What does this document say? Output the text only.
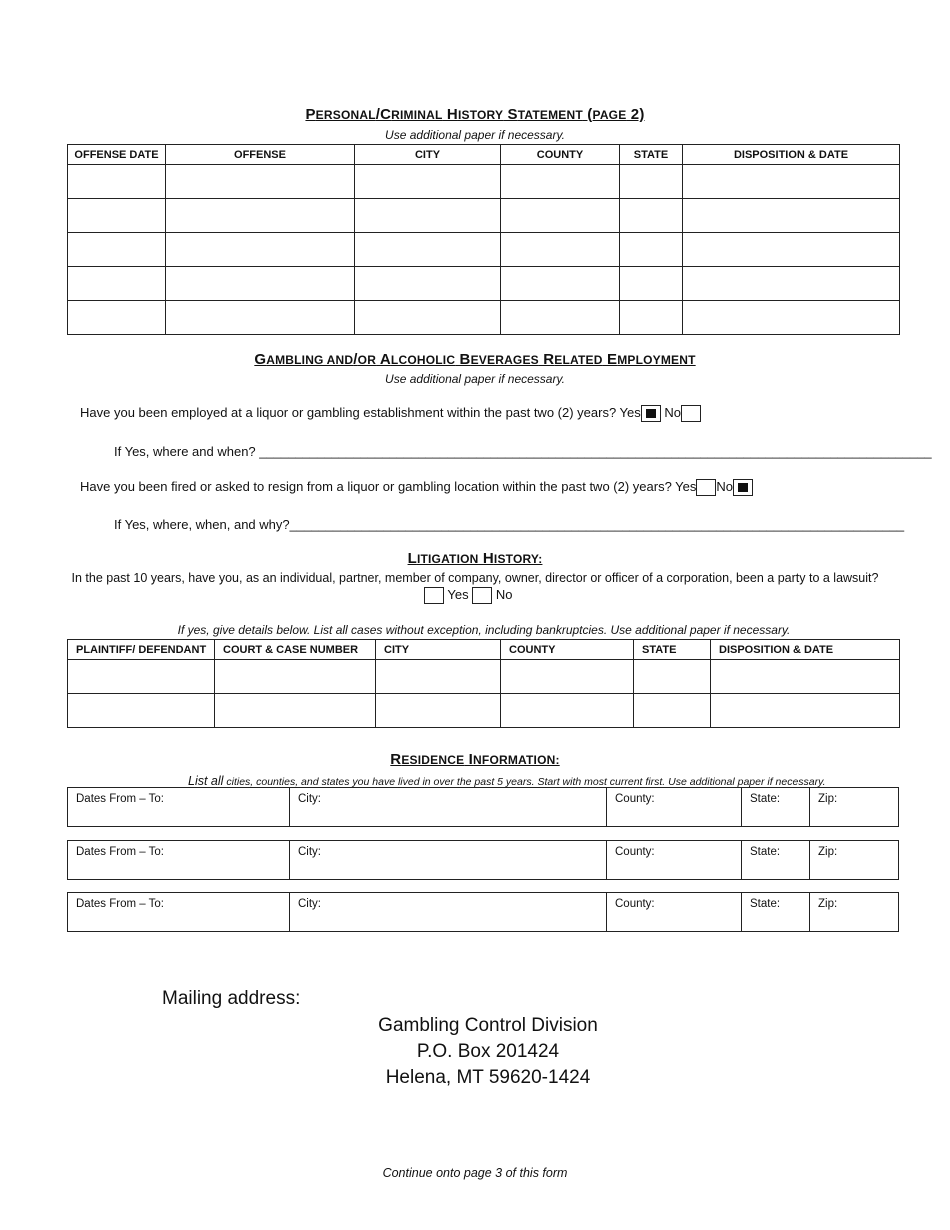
PERSONAL/CRIMINAL HISTORY STATEMENT (PAGE 2)
Use additional paper if necessary.
OFFENSE DATE	OFFENSE	CITY	COUNTY	STATE	DISPOSITION & DATE

GAMBLING AND/OR ALCOHOLIC BEVERAGES RELATED EMPLOYMENT
Use additional paper if necessary.
Have you been employed at a liquor or gambling establishment within the past two (2) years? Yes No
If Yes, where and when? _____________________________________________________________________________________________
Have you been fired or asked to resign from a liquor or gambling location within the past two (2) years? Yes No
If Yes, where, when, and why?_____________________________________________________________________________________
LITIGATION HISTORY:
In the past 10 years, have you, as an individual, partner, member of company, owner, director or officer of a corporation, been a party to a lawsuit?
Yes No
If yes, give details below. List all cases without exception, including bankruptcies. Use additional paper if necessary.
PLAINTIFF/ DEFENDANT	COURT & CASE NUMBER	CITY	COUNTY	STATE	DISPOSITION & DATE

RESIDENCE INFORMATION:
List all cities, counties, and states you have lived in over the past 5 years. Start with most current first. Use additional paper if necessary.
Dates From – To:	City:	County:	State:	Zip:
Dates From – To:	City:	County:	State:	Zip:
Dates From – To:	City:	County:	State:	Zip:
Mailing address:
Gambling Control Division
P.O. Box 201424
Helena, MT 59620-1424
Continue onto page 3 of this form
